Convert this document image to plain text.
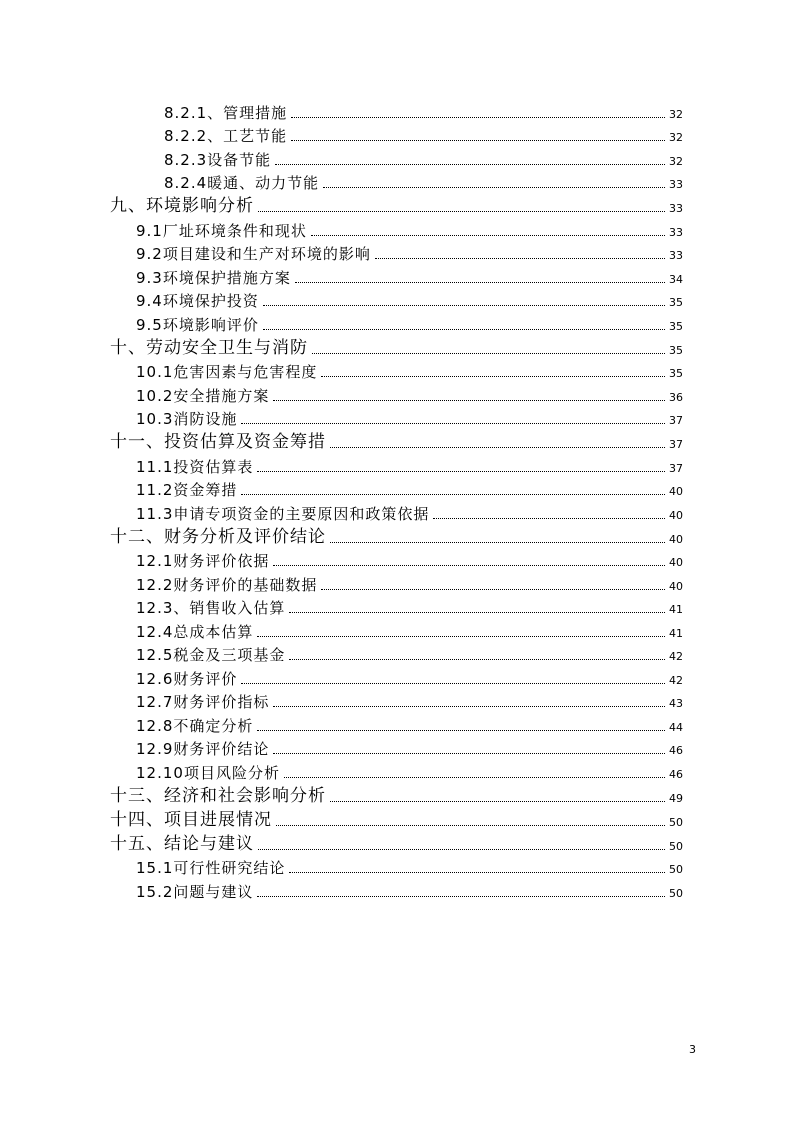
8.2.1、管理措施	32
8.2.2、工艺节能	32
8.2.3设备节能	32
8.2.4暖通、动力节能	33
九、环境影响分析	33
9.1厂址环境条件和现状	33
9.2项目建设和生产对环境的影响	33
9.3环境保护措施方案	34
9.4环境保护投资	35
9.5环境影响评价	35
十、劳动安全卫生与消防	35
10.1危害因素与危害程度	35
10.2安全措施方案	36
10.3消防设施	37
十一、投资估算及资金筹措	37
11.1投资估算表	37
11.2资金筹措	40
11.3申请专项资金的主要原因和政策依据	40
十二、财务分析及评价结论	40
12.1财务评价依据	40
12.2财务评价的基础数据	40
12.3、销售收入估算	41
12.4总成本估算	41
12.5税金及三项基金	42
12.6财务评价	42
12.7财务评价指标	43
12.8不确定分析	44
12.9财务评价结论	46
12.10项目风险分析	46
十三、经济和社会影响分析	49
十四、项目进展情况	50
十五、结论与建议	50
15.1可行性研究结论	50
15.2问题与建议	50
3
